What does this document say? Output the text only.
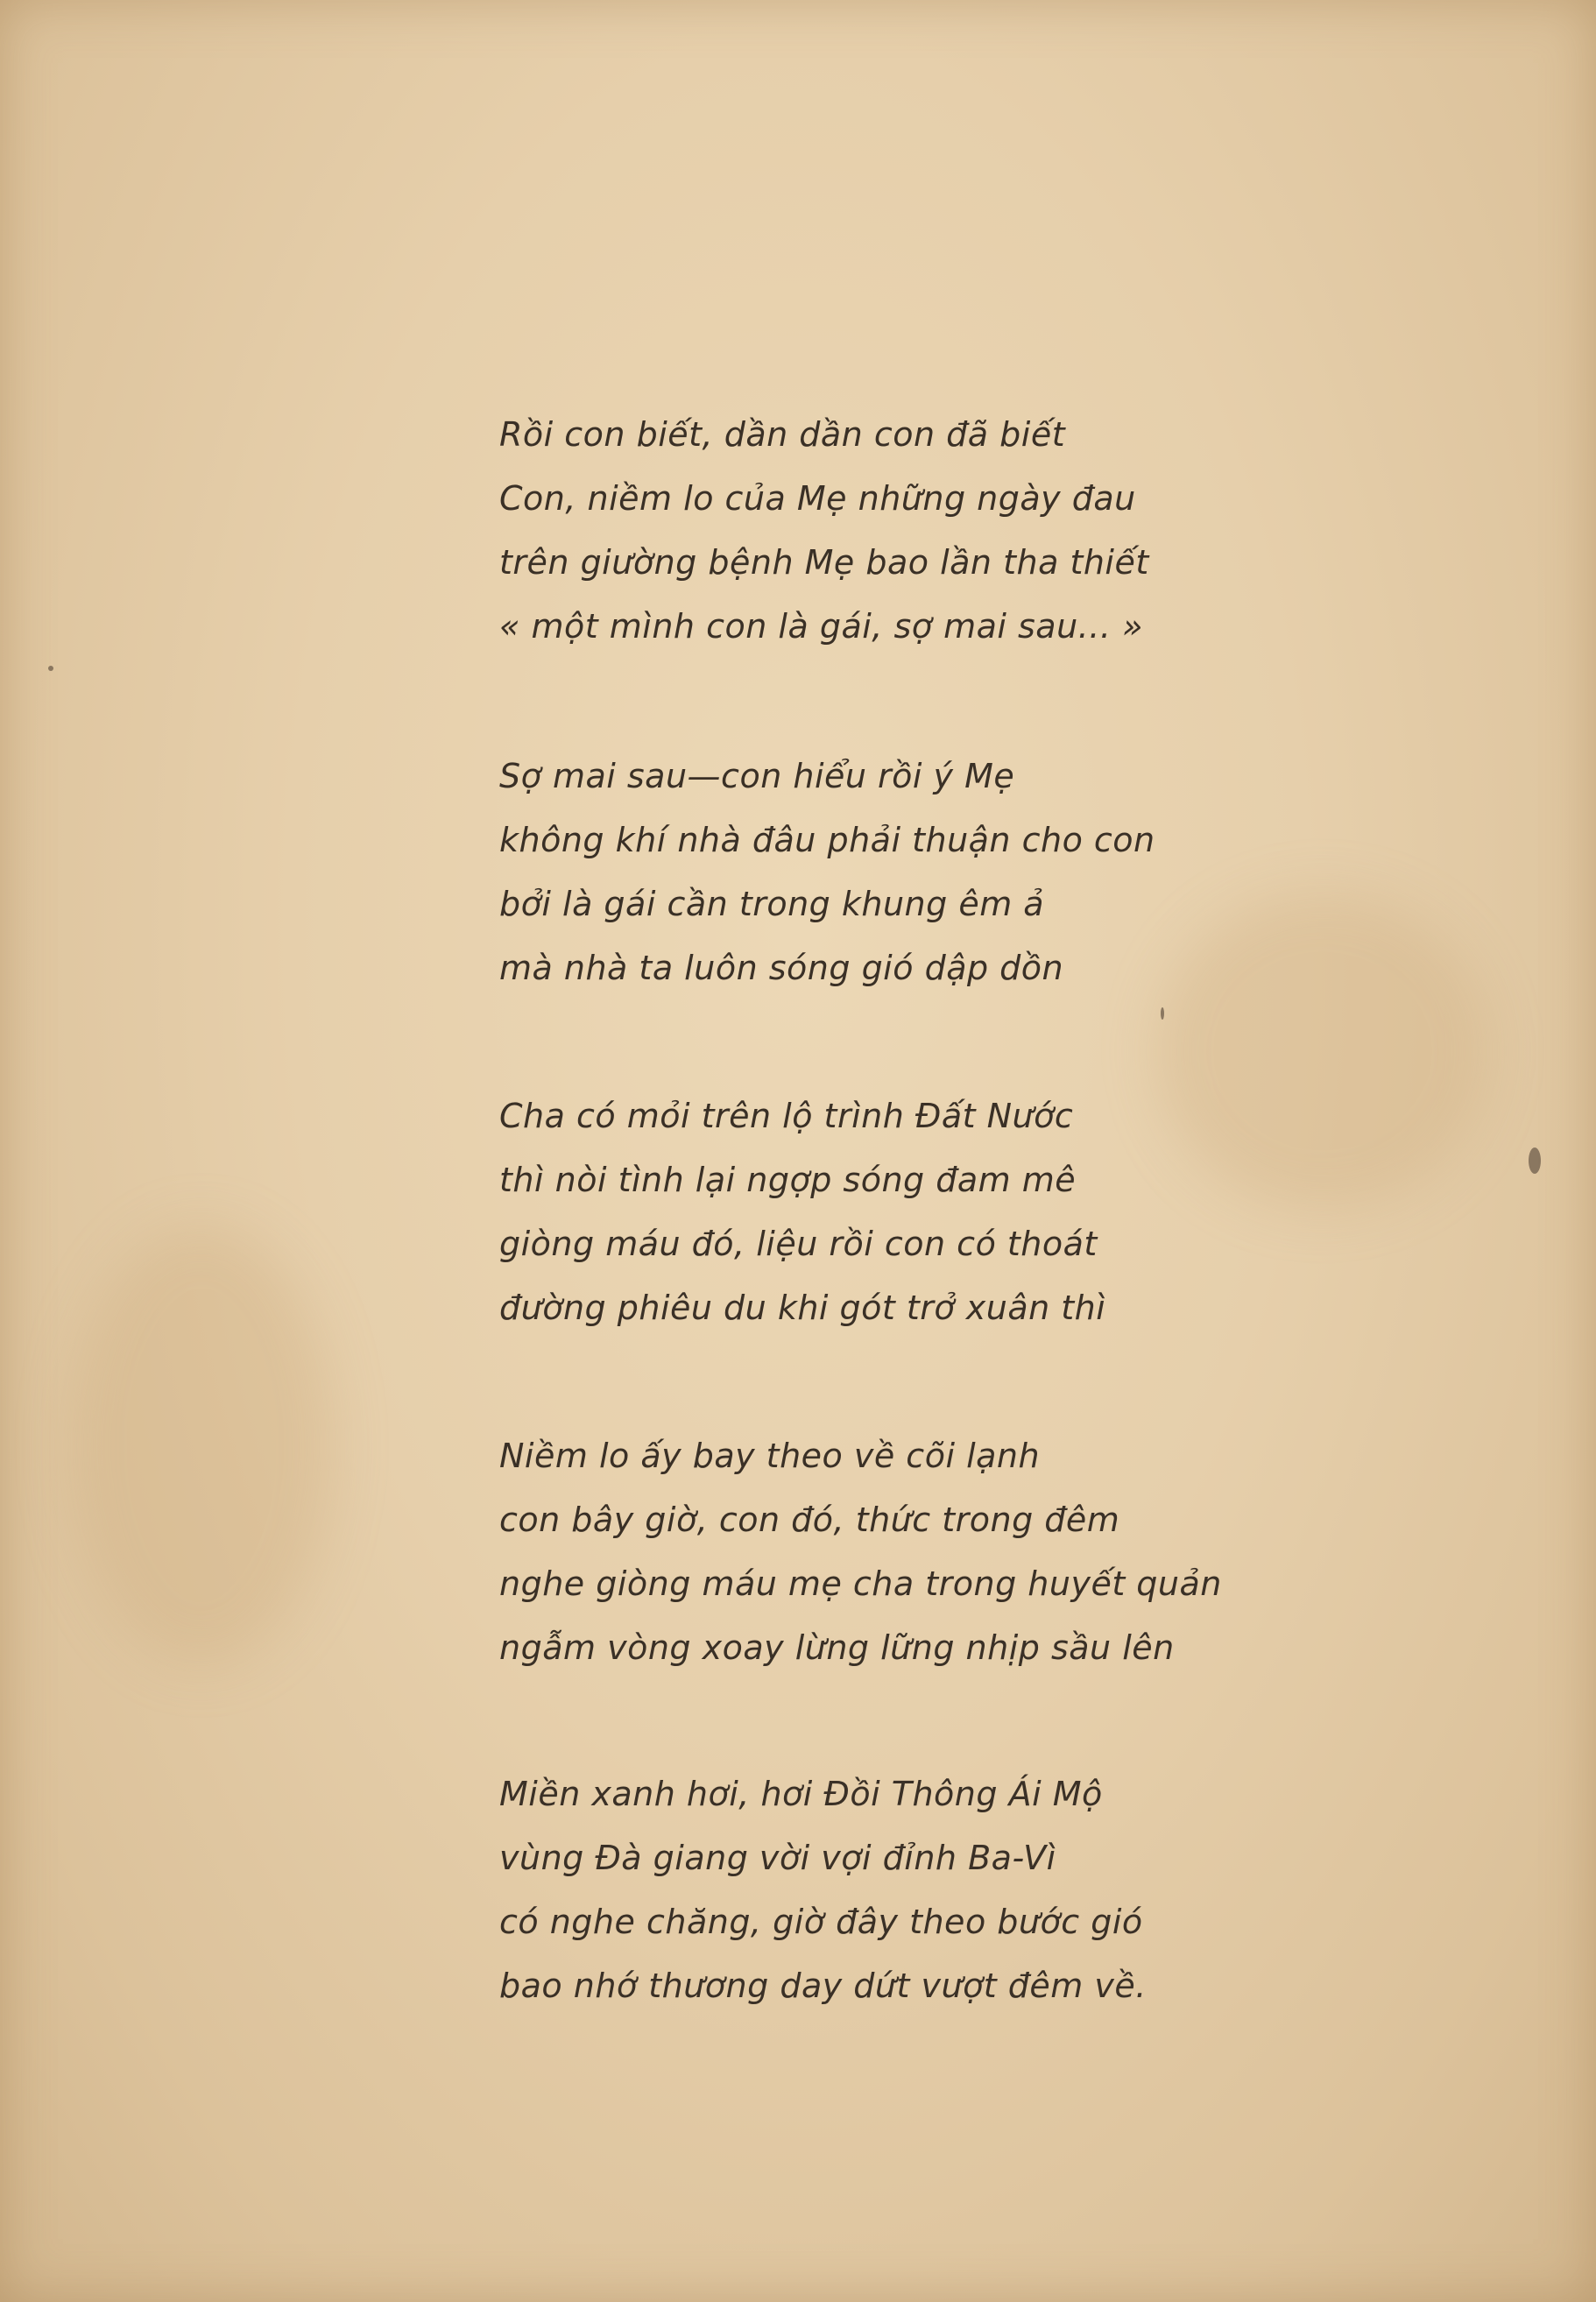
Rồi con biết, dần dần con đã biết
Con, niềm lo của Mẹ những ngày đau
trên giường bệnh Mẹ bao lần tha thiết
« một mình con là gái, sợ mai sau... »
Sợ mai sau—con hiểu rồi ý Mẹ
không khí nhà đâu phải thuận cho con
bởi là gái cần trong khung êm ả
mà nhà ta luôn sóng gió dập dồn
Cha có mỏi trên lộ trình Đất Nước
thì nòi tình lại ngợp sóng đam mê
giòng máu đó, liệu rồi con có thoát
đường phiêu du khi gót trở xuân thì
Niềm lo ấy bay theo về cõi lạnh
con bây giờ, con đó, thức trong đêm
nghe giòng máu mẹ cha trong huyết quản
ngẫm vòng xoay lừng lững nhịp sầu lên
Miền xanh hơi, hơi Đồi Thông Ái Mộ
vùng Đà giang vời vợi đỉnh Ba-Vì
có nghe chăng, giờ đây theo bước gió
bao nhớ thương day dứt vượt đêm về.
